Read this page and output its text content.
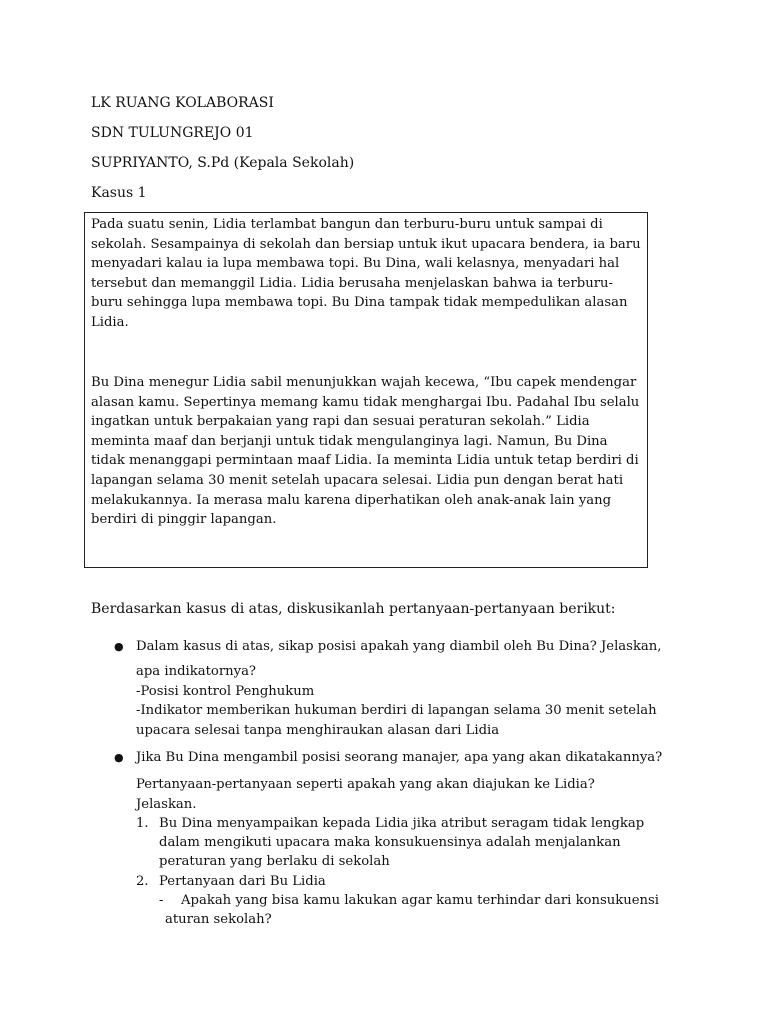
LK RUANG KOLABORASI
SDN TULUNGREJO 01
SUPRIYANTO, S.Pd (Kepala Sekolah)
Kasus 1

Pada suatu senin, Lidia terlambat bangun dan terburu-buru untuk sampai di sekolah. Sesampainya di sekolah dan bersiap untuk ikut upacara bendera, ia baru menyadari kalau ia lupa membawa topi. Bu Dina, wali kelasnya, menyadari hal tersebut dan memanggil Lidia. Lidia berusaha menjelaskan bahwa ia terburu-buru sehingga lupa membawa topi. Bu Dina tampak tidak mempedulikan alasan Lidia.

Bu Dina menegur Lidia sabil menunjukkan wajah kecewa, “Ibu capek mendengar alasan kamu. Sepertinya memang kamu tidak menghargai Ibu. Padahal Ibu selalu ingatkan untuk berpakaian yang rapi dan sesuai peraturan sekolah.” Lidia meminta maaf dan berjanji untuk tidak mengulanginya lagi. Namun, Bu Dina tidak menanggapi permintaan maaf Lidia. Ia meminta Lidia untuk tetap berdiri di lapangan selama 30 menit setelah upacara selesai. Lidia pun dengan berat hati melakukannya. Ia merasa malu karena diperhatikan oleh anak-anak lain yang berdiri di pinggir lapangan.

Berdasarkan kasus di atas, diskusikanlah pertanyaan-pertanyaan berikut:
● Dalam kasus di atas, sikap posisi apakah yang diambil oleh Bu Dina? Jelaskan,
apa indikatornya?
-Posisi kontrol Penghukum
-Indikator memberikan hukuman berdiri di lapangan selama 30 menit setelah
upacara selesai tanpa menghiraukan alasan dari Lidia
● Jika Bu Dina mengambil posisi seorang manajer, apa yang akan dikatakannya?
Pertanyaan-pertanyaan seperti apakah yang akan diajukan ke Lidia?
Jelaskan.
1. Bu Dina menyampaikan kepada Lidia jika atribut seragam tidak lengkap
dalam mengikuti upacara maka konsukuensinya adalah menjalankan
peraturan yang berlaku di sekolah
2. Pertanyaan dari Bu Lidia
- Apakah yang bisa kamu lakukan agar kamu terhindar dari konsukuensi
aturan sekolah?
